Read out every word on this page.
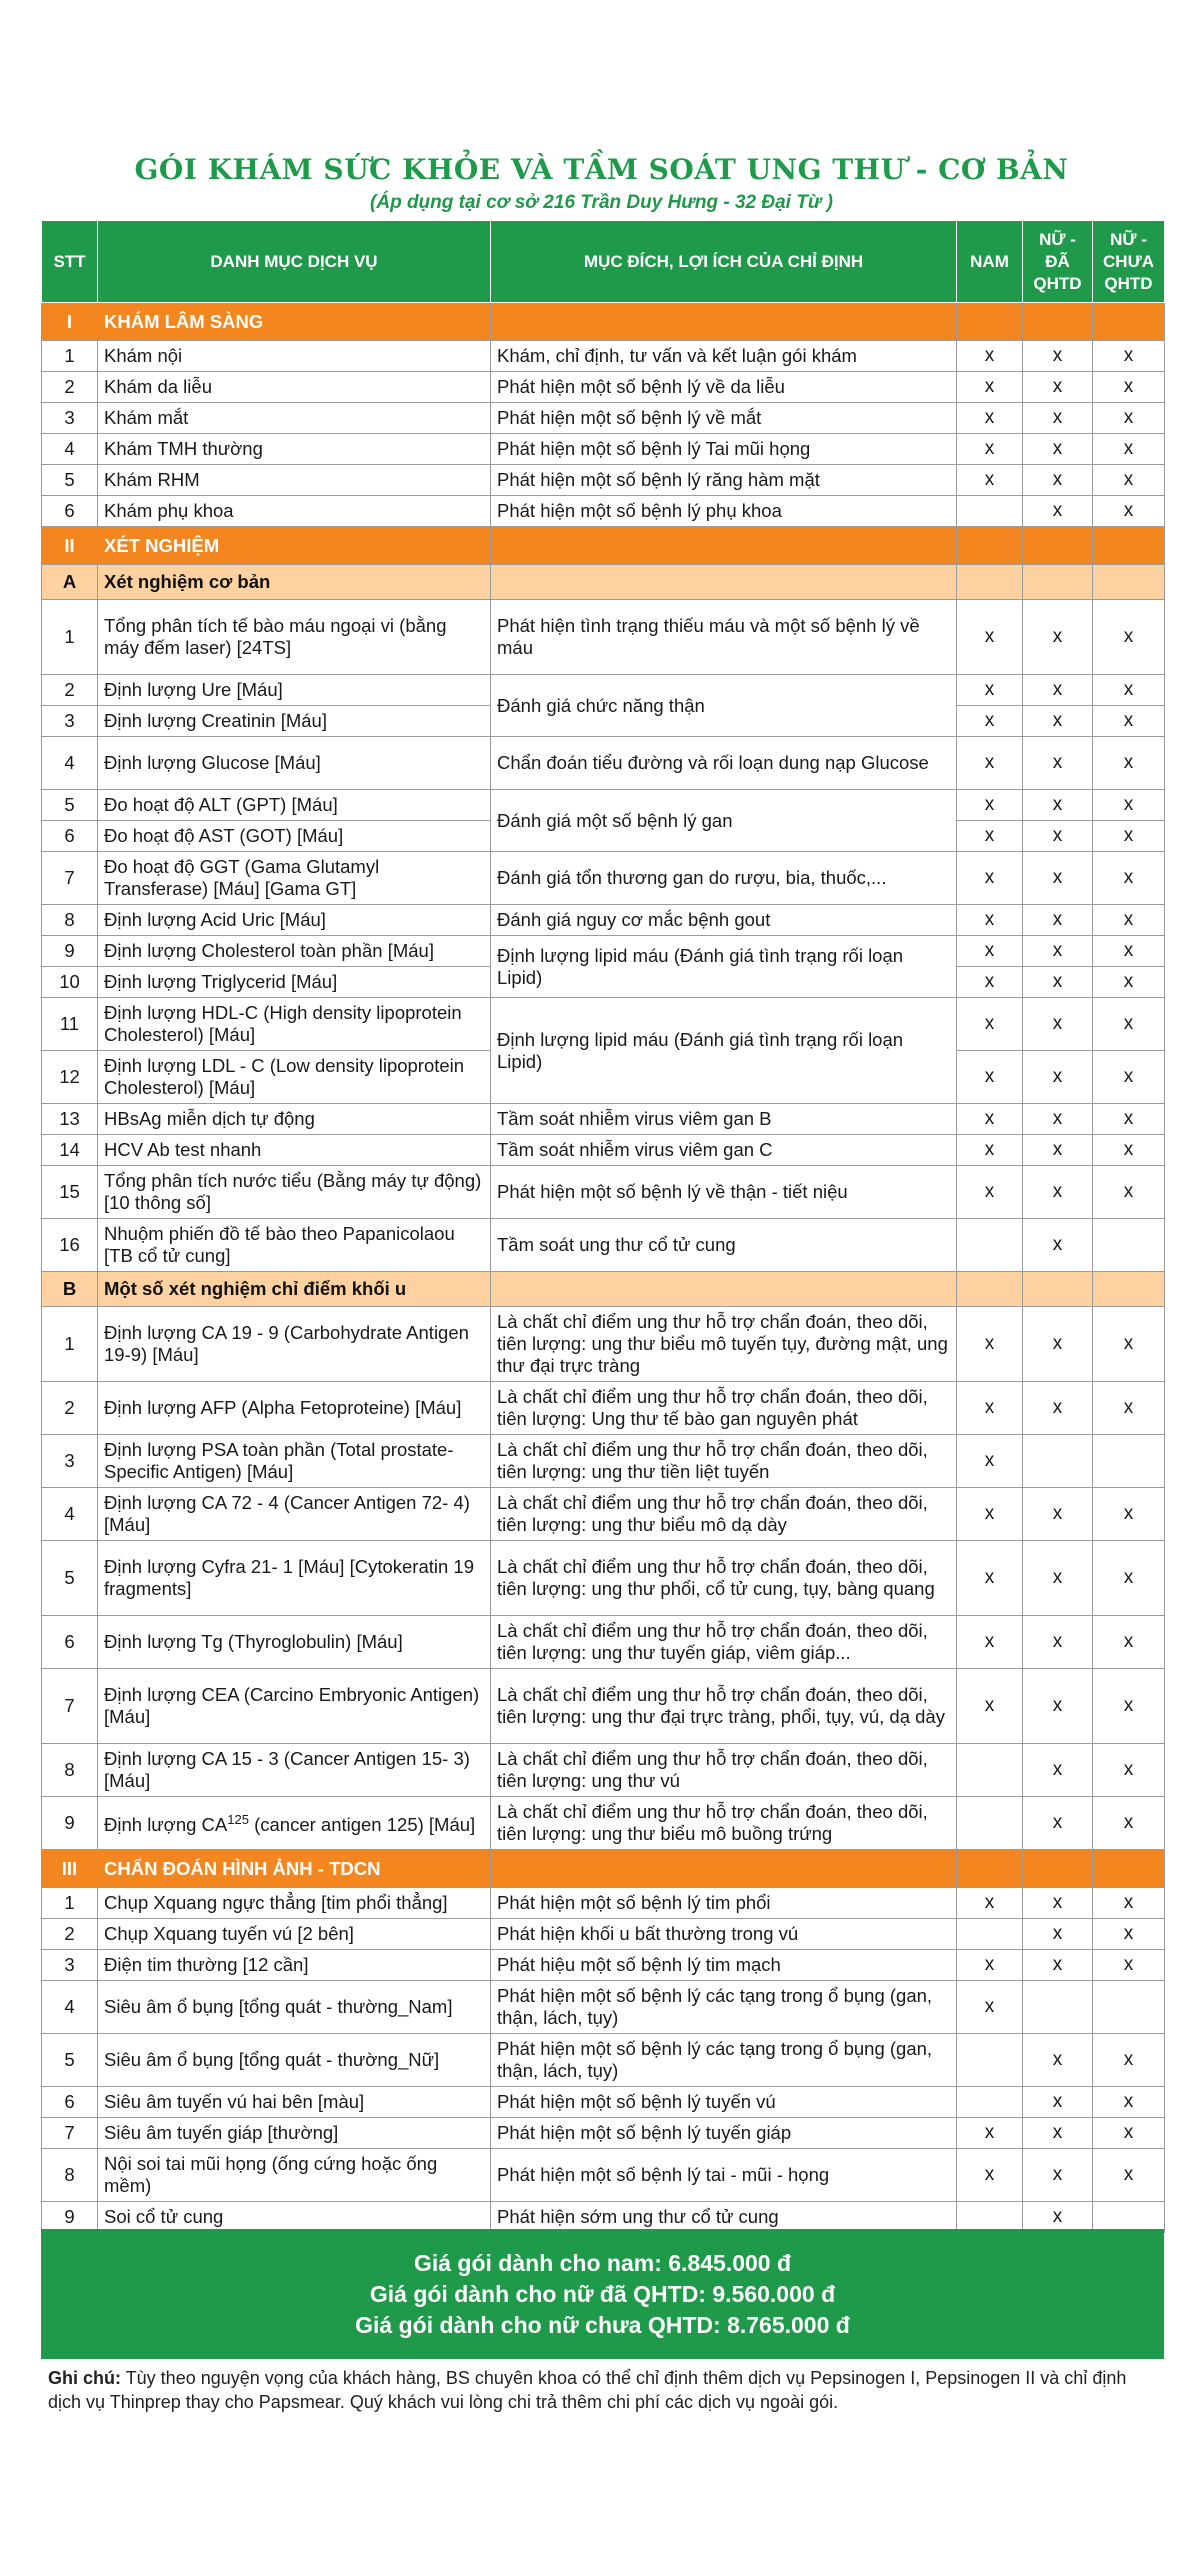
GÓI KHÁM SỨC KHỎE VÀ TẦM SOÁT UNG THƯ - CƠ BẢN
(Áp dụng tại cơ sở 216 Trần Duy Hưng - 32 Đại Từ )
STT	DANH MỤC DỊCH VỤ	MỤC ĐÍCH, LỢI ÍCH CỦA CHỈ ĐỊNH	NAM	NỮ - ĐÃ QHTD	NỮ - CHƯA QHTD
I	KHÁM LÂM SÀNG				
1	Khám nội	Khám, chỉ định, tư vấn và kết luận gói khám	x	x	x
2	Khám da liễu	Phát hiện một số bệnh lý về da liễu	x	x	x
3	Khám mắt	Phát hiện một số bệnh lý về mắt	x	x	x
4	Khám TMH thường	Phát hiện một số bệnh lý Tai mũi họng	x	x	x
5	Khám RHM	Phát hiện một số bệnh lý răng hàm mặt	x	x	x
6	Khám phụ khoa	Phát hiện một số bệnh lý phụ khoa		x	x
II	XÉT NGHIỆM				
A	Xét nghiệm cơ bản				
1	Tổng phân tích tế bào máu ngoại vi (bằng máy đếm laser) [24TS]	Phát hiện tình trạng thiếu máu và một số bệnh lý về máu	x	x	x
2	Định lượng Ure [Máu]	Đánh giá chức năng thận	x	x	x
3	Định lượng Creatinin [Máu]		x	x	x
4	Định lượng Glucose [Máu]	Chẩn đoán tiểu đường và rối loạn dung nạp Glucose	x	x	x
5	Đo hoạt độ ALT (GPT) [Máu]	Đánh giá một số bệnh lý gan	x	x	x
6	Đo hoạt độ AST (GOT) [Máu]		x	x	x
7	Đo hoạt độ GGT (Gama Glutamyl Transferase) [Máu] [Gama GT]	Đánh giá tổn thương gan do rượu, bia, thuốc,...	x	x	x
8	Định lượng Acid Uric [Máu]	Đánh giá nguy cơ mắc bệnh gout	x	x	x
9	Định lượng Cholesterol toàn phần [Máu]	Định lượng lipid máu (Đánh giá tình trạng rối loạn Lipid)	x	x	x
10	Định lượng Triglycerid [Máu]		x	x	x
11	Định lượng HDL-C (High density lipoprotein Cholesterol) [Máu]	Định lượng lipid máu (Đánh giá tình trạng rối loạn Lipid)	x	x	x
12	Định lượng LDL - C (Low density lipoprotein Cholesterol) [Máu]		x	x	x
13	HBsAg miễn dịch tự động	Tầm soát nhiễm virus viêm gan B	x	x	x
14	HCV Ab test nhanh	Tầm soát nhiễm virus viêm gan C	x	x	x
15	Tổng phân tích nước tiểu (Bằng máy tự động) [10 thông số]	Phát hiện một số bệnh lý về thận - tiết niệu	x	x	x
16	Nhuộm phiến đồ tế bào theo Papanicolaou [TB cổ tử cung]	Tầm soát ung thư cổ tử cung		x	
B	Một số xét nghiệm chỉ điểm khối u				
1	Định lượng CA 19 - 9 (Carbohydrate Antigen 19-9) [Máu]	Là chất chỉ điểm ung thư hỗ trợ chẩn đoán, theo dõi, tiên lượng: ung thư biểu mô tuyến tụy, đường mật, ung thư đại trực tràng	x	x	x
2	Định lượng AFP (Alpha Fetoproteine) [Máu]	Là chất chỉ điểm ung thư hỗ trợ chẩn đoán, theo dõi, tiên lượng: Ung thư tế bào gan nguyên phát	x	x	x
3	Định lượng PSA toàn phần (Total prostate-Specific Antigen) [Máu]	Là chất chỉ điểm ung thư hỗ trợ chẩn đoán, theo dõi, tiên lượng: ung thư tiền liệt tuyến	x		
4	Định lượng CA 72 - 4 (Cancer Antigen 72- 4) [Máu]	Là chất chỉ điểm ung thư hỗ trợ chẩn đoán, theo dõi, tiên lượng: ung thư biểu mô dạ dày	x	x	x
5	Định lượng Cyfra 21- 1 [Máu] [Cytokeratin 19 fragments]	Là chất chỉ điểm ung thư hỗ trợ chẩn đoán, theo dõi, tiên lượng: ung thư phổi, cổ tử cung, tụy, bàng quang	x	x	x
6	Định lượng Tg (Thyroglobulin) [Máu]	Là chất chỉ điểm ung thư hỗ trợ chẩn đoán, theo dõi, tiên lượng: ung thư tuyến giáp, viêm giáp...	x	x	x
7	Định lượng CEA (Carcino Embryonic Antigen) [Máu]	Là chất chỉ điểm ung thư hỗ trợ chẩn đoán, theo dõi, tiên lượng: ung thư đại trực tràng, phổi, tụy, vú, dạ dày	x	x	x
8	Định lượng CA 15 - 3 (Cancer Antigen 15- 3) [Máu]	Là chất chỉ điểm ung thư hỗ trợ chẩn đoán, theo dõi, tiên lượng: ung thư vú		x	x
9	Định lượng CA$^{125}$ (cancer antigen 125) [Máu]	Là chất chỉ điểm ung thư hỗ trợ chẩn đoán, theo dõi, tiên lượng: ung thư biểu mô buồng trứng		x	x
III	CHẨN ĐOÁN HÌNH ẢNH - TDCN				
1	Chụp Xquang ngực thẳng [tim phổi thẳng]	Phát hiện một số bệnh lý tim phổi	x	x	x
2	Chụp Xquang tuyến vú [2 bên]	Phát hiện khối u bất thường trong vú		x	x
3	Điện tim thường [12 cần]	Phát hiệu một số bệnh lý tim mạch	x	x	x
4	Siêu âm ổ bụng [tổng quát - thường_Nam]	Phát hiện một số bệnh lý các tạng trong ổ bụng (gan, thận, lách, tụy)	x		
5	Siêu âm ổ bụng [tổng quát - thường_Nữ]	Phát hiện một số bệnh lý các tạng trong ổ bụng (gan, thận, lách, tụy)		x	x
6	Siêu âm tuyến vú hai bên [màu]	Phát hiện một số bệnh lý tuyến vú		x	x
7	Siêu âm tuyến giáp [thường]	Phát hiện một số bệnh lý tuyến giáp	x	x	x
8	Nội soi tai mũi họng (ống cứng hoặc ống mềm)	Phát hiện một số bệnh lý tai - mũi - họng	x	x	x
9	Soi cổ tử cung	Phát hiện sớm ung thư cổ tử cung		x	
Giá gói dành cho nam: 6.845.000 đ
Giá gói dành cho nữ đã QHTD: 9.560.000 đ
Giá gói dành cho nữ chưa QHTD: 8.765.000 đ
Ghi chú: Tùy theo nguyện vọng của khách hàng, BS chuyên khoa có thể chỉ định thêm dịch vụ Pepsinogen I, Pepsinogen II và chỉ định dịch vụ Thinprep thay cho Papsmear. Quý khách vui lòng chi trả thêm chi phí các dịch vụ ngoài gói.
